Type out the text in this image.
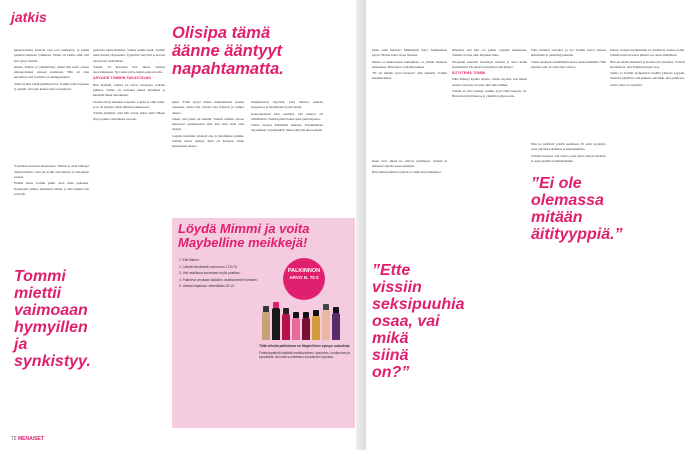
jatkis

kuherrusviikot kestivät vain pari kuukautta, ja elämä palautui arkiseen rytmiinsä. Vaimo oli tarkka siitä, että koti pysyi siistinä.

Aluksi Tommi ei ymmärtänyt, miksi hän tunsi olonsa ulkopuoliseksi omassa kodissaan. Hän oli aina kuvitellut, että avioliitto on kumppanuutta.

Vaimo halusi tehdä päätökset itse. Tommi yritti sopeutua ja ajatteli, että ajan kanssa asiat tasaantuvat.

Ystäväkin huomasi muutoksen. Tommi ei enää lähtenyt illanviettoihin, vaan jäi kotiin siivoamaan ja laittamaan ruokaa.

Eräänä iltana Tommi päätti ottaa asian puheeksi. Keskustelu päättyi kuitenkin riitaan, ja hän nukkui yön sohvalla.

Tommi miettii vaimoaan hymyillen ja synkistyy.

paikoista hymyilemässä. Vaikka kaikki sujui, Tommi tunsi itsensä väsyneeksi. Työpäivät venyivät ja kotona odotti uusi tehtävälista.

Tommi oli ihastunut heti alussa vaimon itsevarmuuteen. Nyt sama piirre tuntui painostavalta.

ARVASIN TOMMIN PAKASTAVAN

Hän muisteli, kuinka he olivat tavanneet ystävän juhlissa. Vaimo oli nauranut hänen jutuilleen ja kutsunut hänet tanssimaan.

Vuodet olivat kuluneet nopeasti. Lapsia ei ollut tullut, ja se oli jättänyt oman jälkensä suhteeseen.

Tommi ymmärsi, ettei hän voinut jatkaa näin. Hänen täytyi puhua vaimolleen suoraan.

Olisipa tämä äänne ääntyyt napahtamatta.

puhu. Yritin kysyä hänen kuulumisiaan useaan otteeseen, mutta hän vastasi vain lyhyesti ja vaihtoi aihetta.

Tiesin, että jotain oli tekeillä. Tommi vaikutti olevan jatkuvasti ajatuksissaan eikä hän ollut enää oma itsensä.

Lopulta istuimme yhdessä alas ja juttelimme pitkään. Tommi kertoi kaiken, mitä oli kokenut viime kuukausien aikana.

manipuloivaa käytöstä, joka haittasi suhteen tasapainoa ja molempien hyvinvointia.

Kokoaikaisesti kävi selväksi, että muutos oli välttämätön. Tommi päätti hakea apua pariterapiasta.

Vaimo suostui lähtemään mukaan. Ensimmäinen tapaaminen oli jännittävä, mutta siitä tuli alku uudelle.

Löydä Mimmi ja voita Maybelline meikkejä!
1. Etsi Mimmi.
2. Lähetä tekstiviesti numeroon 173175.
3. Voit osallistua arvontaan myös postitse.
4. Palkinnot arvotaan kaikkien osallistuneiden kesken.
5. Vastaa kilpailuun viimeistään 29.10.
PALKINNON
ARVO N. 70 €

Tällä viikolla palkintona on Maybellinen syksyn uutuuksia.

Palkintopaketti sisältää meikkivoiteen, ripsivärin, huulipunan ja kynsilakat. Arvonta suoritetaan kuukauden lopussa.

Onko sulla mennyt? Mimmeistä tein?, Mimmeinen kysyi? Martta sanoi aivan iloisena.

Martta ei kiinnostanut kumpikaan, ei yhtään tilanteen tarkastelua. Hän kertoi ystävälle kaiken.

”Ei ole mitään syytä huoleen”, hän vakuutti. Tommi kuunteli hiljaa.

Kuka tiesi, miten he olisivat pärjänneet. Tommi ei halunnut ajatella asiaa enempää.

Hän päätti keskittyä työhön ja omiin harrastuksiinsa.

”Ette vissiin seksipuuhia osaa, vai mikä siinä on?”

tärkeintä, että hän voi puhua vapaasti tunteistaan. Tommi oli aina ollut hiljainen mies.

Terapeutti kuunteli molempia tarkasti ja antoi heille kotitehtäviä. He alkoivat kirjoittaa päiväkirjaa.

ÄITIYTEMÄ TOMMI

Puhe kääntyi lopulta lapsiin. Vaimo myönsi, että hänen suurin toiveensa oli aina ollut tulla äidiksi.

Tommi ei ollut tiennyt, kuinka syvä tämä kaipaus oli. Hän tunsi myötätuntoa ja ymmärsi paljon uutta.

Puhe muuttui suoraksi, ja nyt Tommi kertoi omasta ikävästään ja yksinäisyydestään.

Vaimo kuunteli ensimmäistä kertaa keskeyttämättä. Hän myönsi, että oli ollut liian vaativa.

Niin he päättivät yrittää uudelleen. Ei enää syyttelyä, vaan yhteistä pohdintaa ja kuuntelemista.

Tommi huomasi, että vaimo osasi myös nauraa itselleen ja arjen pienille kommelluksille.

”Ei ole olemassa mitään äitityyppiä.”

Puolet vuoden myöhemmin he muuttivat uuteen kotiin. Tommi tunsi olevansa jälleen osa omaa elämäänsä.

Hän sai tehdä päätöksiä ja kodista tuli yhteinen. Ystävät huomasivat, että Tommi hymyili taas.

Vaimo ja Tommi matkustivat kesällä yhdessä Lappiin. Siellä he päättivät, että kaikesta selvitään, kun puhutaan.

Jutun nimet on muutettu.

72 MENAISET
